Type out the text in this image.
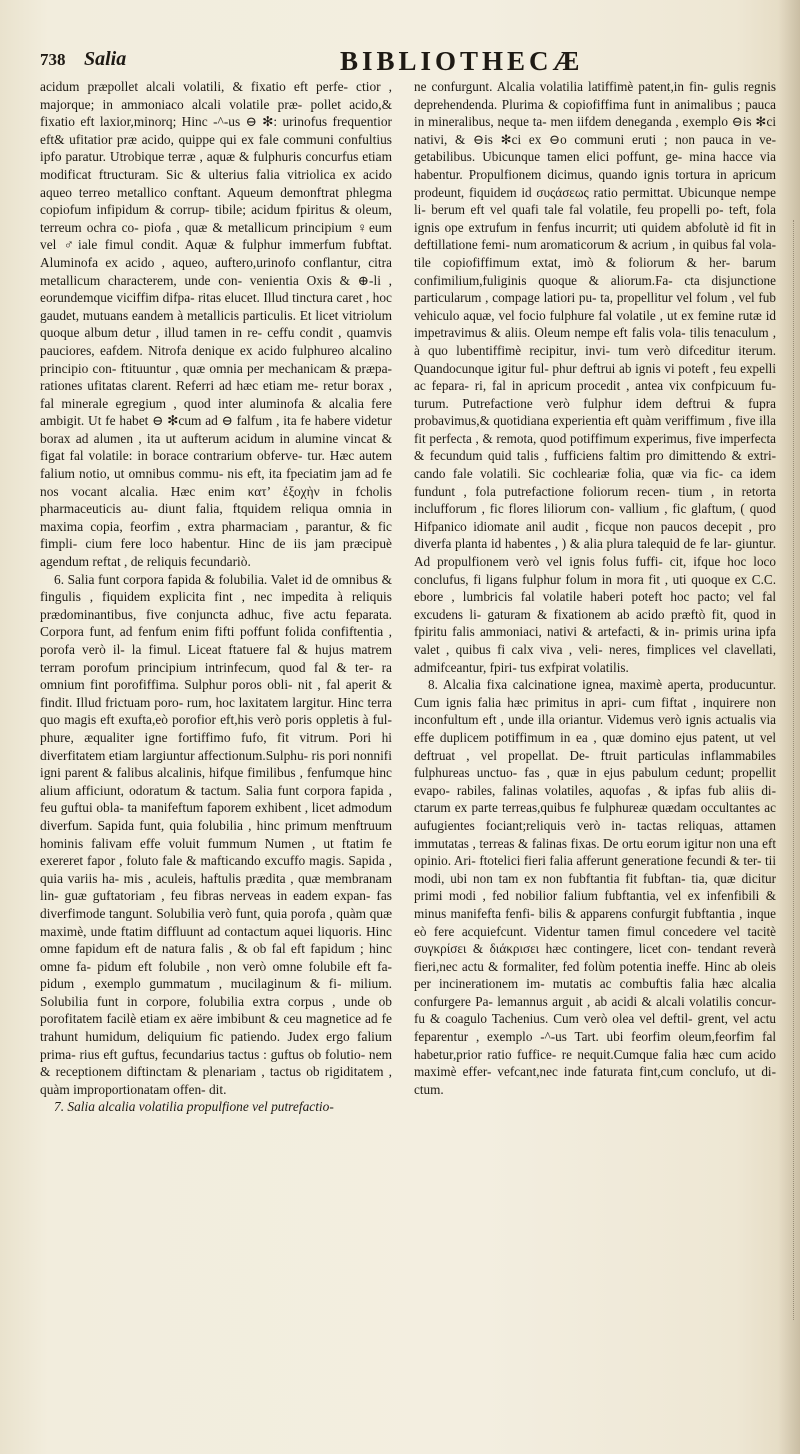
738 Salia	BIBLIOTHECÆ

acidum præpollet alcali volatili, & fixatio eft perfe- ctior , majorque; in ammoniaco alcali volatile præ- pollet acido,& fixatio eft laxior,minorq; Hinc -^-us ⊖ ✻: urinofus frequentior eft& ufitatior præ acido, quippe qui ex fale communi confultius ipfo paratur. Utrobique terræ , aquæ & fulphuris concurfus etiam modificat ftructuram. Sic & ulterius falia vitriolica ex acido aqueo terreo metallico conftant. Aqueum demonftrat phlegma copiofum infipidum & corrup- tibile; acidum fpiritus & oleum, terreum ochra co- piofa , quæ & metallicum principium ♀eum vel ♂iale fimul condit. Aquæ & fulphur immerfum fubftat. Aluminofa ex acido , aqueo, auftero,urinofo conflantur, citra metallicum characterem, unde con- venientia Oxis & ⊕-li , eorundemque viciffim difpa- ritas elucet. Illud tinctura caret , hoc gaudet, mutuans eandem à metallicis particulis. Et licet vitriolum quoque album detur , illud tamen in re- ceffu condit , quamvis pauciores, eafdem. Nitrofa denique ex acido fulphureo alcalino principio con- ftituuntur , quæ omnia per mechanicam & præpa- rationes ufitatas clarent. Referri ad hæc etiam me- retur borax , fal minerale egregium , quod inter aluminofa & alcalia fere ambigit. Ut fe habet ⊖ ✻cum ad ⊖ falfum , ita fe habere videtur borax ad alumen , ita ut aufterum acidum in alumine vincat & figat fal volatile: in borace contrarium obferve- tur. Hæc autem falium notio, ut omnibus commu- nis eft, ita fpeciatim jam ad fe nos vocant alcalia. Hæc enim κατ’ ἐξοχὴν in fcholis pharmaceuticis au- diunt falia, ftquidem reliqua omnia in maxima copia, feorfim , extra pharmaciam , parantur, & fic fimpli- cium fere loco habentur. Hinc de iis jam præcipuè agendum reftat , de reliquis fecundariò.

6. Salia funt corpora fapida & folubilia. Valet id de omnibus & fingulis , fiquidem explicita fint , nec impedita à reliquis prædominantibus, five conjuncta adhuc, five actu feparata. Corpora funt, ad fenfum enim fifti poffunt folida confiftentia , porofa verò il- la fimul. Liceat ftatuere fal & hujus matrem terram porofum principium intrinfecum, quod fal & ter- ra omnium fint porofiffima. Sulphur poros obli- nit , fal aperit & findit. Illud frictuam poro- rum, hoc laxitatem largitur. Hinc terra quo magis eft exufta,eò porofior eft,his verò poris oppletis à ful- phure, æqualiter igne fortiffimo fufo, fit vitrum. Pori hi diverfitatem etiam largiuntur affectionum.Sulphu- ris pori nonnifi igni parent & falibus alcalinis, hifque fimilibus , fenfumque hinc alium afficiunt, odoratum & tactum. Salia funt corpora fapida , feu guftui obla- ta manifeftum faporem exhibent , licet admodum diverfum. Sapida funt, quia folubilia , hinc primum menftruum hominis falivam effe voluit fummum Numen , ut ftatim fe exereret fapor , foluto fale & mafticando excuffo magis. Sapida , quia variis ha- mis , aculeis, haftulis prædita , quæ membranam lin- guæ guftatoriam , feu fibras nerveas in eadem expan- fas diverfimode tangunt. Solubilia verò funt, quia porofa , quàm quæ maximè, unde ftatim diffluunt ad contactum aquei liquoris. Hinc omne fapidum eft de natura falis , & ob fal eft fapidum ; hinc omne fa- pidum eft folubile , non verò omne folubile eft fa- pidum , exemplo gummatum , mucilaginum & fi- milium. Solubilia funt in corpore, folubilia extra corpus , unde ob porofitatem facilè etiam ex aëre imbibunt & ceu magnetice ad fe trahunt humidum, deliquium fic patiendo. Judex ergo falium prima- rius eft guftus, fecundarius tactus : guftus ob folutio- nem & receptionem diftinctam & plenariam , tactus ob rigiditatem , quàm improportionatam offen- dit.

7. Salia alcalia volatilia propulfione vel putrefactio-

ne confurgunt. Alcalia volatilia latiffimè patent,in fin- gulis regnis deprehendenda. Plurima & copiofiffima funt in animalibus ; pauca in mineralibus, neque ta- men iifdem deneganda , exemplo ⊖is ✻ci nativi, & ⊖is ✻ci ex ⊖o communi eruti ; non pauca in ve- getabilibus. Ubicunque tamen elici poffunt, ge- mina hacce via habentur. Propulfionem dicimus, quando ignis tortura in apricum prodeunt, fiquidem id συςάσεως ratio permittat. Ubicunque nempe li- berum eft vel quafi tale fal volatile, feu propelli po- teft, fola ignis ope extrufum in fenfus incurrit; uti quidem abfolutè id fit in deftillatione femi- num aromaticorum & acrium , in quibus fal vola- tile copiofiffimum extat, imò & foliorum & her- barum confimilium,fuliginis quoque & aliorum.Fa- cta disjunctione particularum , compage latiori pu- ta, propellitur vel folum , vel fub vehiculo aquæ, vel focio fulphure fal volatile , ut ex femine rutæ id impetravimus & aliis. Oleum nempe eft falis vola- tilis tenaculum , à quo lubentiffimè recipitur, invi- tum verò difceditur iterum. Quandocunque igitur ful- phur deftrui ab ignis vi poteft , feu expelli ac fepara- ri, fal in apricum procedit , antea vix confpicuum fu- turum. Putrefactione verò fulphur idem deftrui & fupra probavimus,& quotidiana experientia eft quàm veriffimum , five illa fit perfecta , & remota, quod potiffimum experimus, five imperfecta & fecundum quid talis , fufficiens faltim pro dimittendo & extri- cando fale volatili. Sic cochleariæ folia, quæ via fic- ca idem fundunt , fola putrefactione foliorum recen- tium , in retorta inclufforum , fic flores liliorum con- vallium , fic glaftum, ( quod Hifpanico idiomate anil audit , ficque non paucos decepit , pro diverfa planta id habentes , ) & alia plura talequid de fe lar- giuntur. Ad propulfionem verò vel ignis folus fuffi- cit, ifque hoc loco conclufus, fi ligans fulphur folum in mora fit , uti quoque ex C.C. ebore , lumbricis fal volatile haberi poteft hoc pacto; vel fal excudens li- gaturam & fixationem ab acido præftò fit, quod in fpiritu falis ammoniaci, nativi & artefacti, & in- primis urina ipfa valet , quibus fi calx viva , veli- neres, fimplices vel clavellati, admifceantur, fpiri- tus exfpirat volatilis.

8. Alcalia fixa calcinatione ignea, maximè aperta, producuntur. Cum ignis falia hæc primitus in apri- cum fiftat , inquirere non inconfultum eft , unde illa oriantur. Videmus verò ignis actualis via effe duplicem potiffimum in ea , quæ domino ejus patent, ut vel deftruat , vel propellat. De- ftruit particulas inflammabiles fulphureas unctuo- fas , quæ in ejus pabulum cedunt; propellit evapo- rabiles, falinas volatiles, aquofas , & ipfas fub aliis di- ctarum ex parte terreas,quibus fe fulphureæ quædam occultantes ac aufugientes fociant;reliquis verò in- tactas reliquas, attamen immutatas , terreas & falinas fixas. De ortu eorum igitur non una eft opinio. Ari- ftotelici fieri falia afferunt generatione fecundi & ter- tii modi, ubi non tam ex non fubftantia fit fubftan- tia, quæ dicitur primi modi , fed nobilior falium fubftantia, vel ex infenfibili & minus manifefta fenfi- bilis & apparens confurgit fubftantia , inque eò fere acquiefcunt. Videntur tamen fimul concedere vel tacitè συγκρίσει & διάκρισει hæc contingere, licet con- tendant reverà fieri,nec actu & formaliter, fed folùm potentia ineffe. Hinc ab oleis per incinerationem im- mutatis ac combuftis falia hæc alcalia confurgere Pa- lemannus arguit , ab acidi & alcali volatilis concur- fu & coagulo Tachenius. Cum verò olea vel deftil- grent, vel actu feparentur , exemplo -^-us Tart. ubi feorfim oleum,feorfim fal habetur,prior ratio fuffice- re nequit.Cumque falia hæc cum acido maximè effer- vefcant,nec inde faturata fint,cum conclufo, ut di- ctum.
